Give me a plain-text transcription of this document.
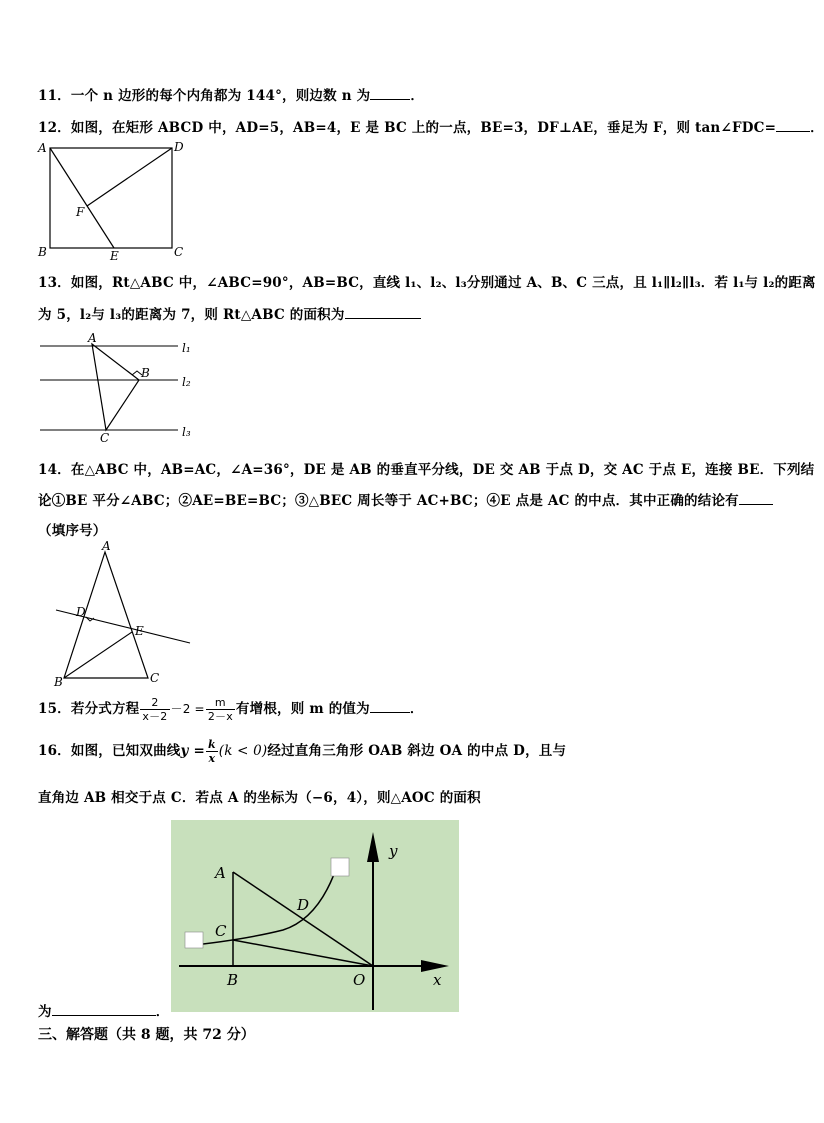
11．一个 n 边形的每个内角都为 144°，则边数 n 为	．
12．如图，在矩形 ABCD 中，AD=5，AB=4，E 是 BC 上的一点，BE=3，DF⊥AE，垂足为 F，则 tan∠FDC=	．
A	D
F
B	E	C
13．如图，Rt△ABC 中，∠ABC=90°，AB=BC，直线 l₁、l₂、l₃分别通过 A、B、C 三点，且 l₁∥l₂∥l₃．若 l₁与 l₂的距离
为 5，l₂与 l₃的距离为 7，则 Rt△ABC 的面积为
A
B
C
l₁
l₂
l₃
14．在△ABC 中，AB=AC，∠A=36°，DE 是 AB 的垂直平分线，DE 交 AB 于点 D，交 AC 于点 E，连接 BE．下列结
论①BE 平分∠ABC；②AE=BE=BC；③△BEC 周长等于 AC+BC；④E 点是 AC 的中点．其中正确的结论有
（填序号）
A
D
E
B	C
15．若分式方程 $\frac{2}{x-2} -2 = \frac{m}{2-x}$ 有增根，则 m 的值为	．
16．如图，已知双曲线$y = \frac{k}{x} (k < 0)$经过直角三角形 OAB 斜边 OA 的中点 D，且与
直角边 AB 相交于点 C．若点 A 的坐标为（−6，4），则△AOC 的面积
A
C
D
B	O	x
y
为	．
三、解答题（共 8 题，共 72 分）
